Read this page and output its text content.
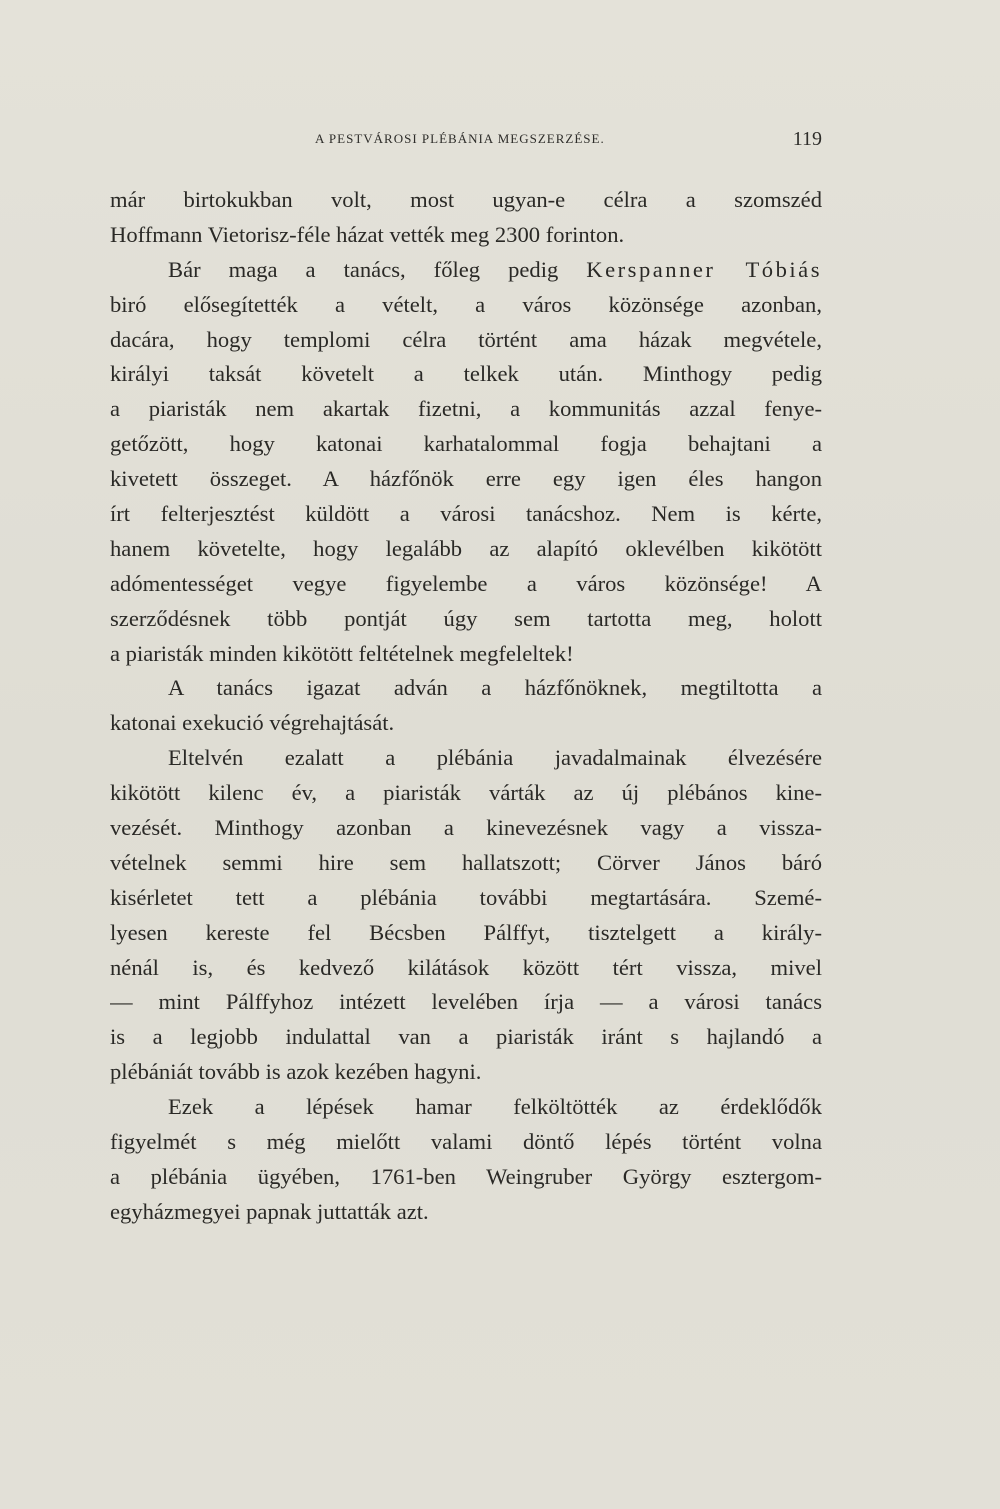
A PESTVÁROSI PLÉBÁNIA MEGSZERZÉSE.	119
már birtokukban volt, most ugyan-e célra a szomszéd
Hoffmann Vietorisz-féle házat vették meg 2300 forinton.
Bár maga a tanács, főleg pedig Kerspanner Tóbiás
biró elősegítették a vételt, a város közönsége azonban,
dacára, hogy templomi célra történt ama házak megvétele,
királyi taksát követelt a telkek után. Minthogy pedig
a piaristák nem akartak fizetni, a kommunitás azzal fenye-
getőzött, hogy katonai karhatalommal fogja behajtani a
kivetett összeget. A házfőnök erre egy igen éles hangon
írt felterjesztést küldött a városi tanácshoz. Nem is kérte,
hanem követelte, hogy legalább az alapító oklevélben kikötött
adómentességet vegye figyelembe a város közönsége! A
szerződésnek több pontját úgy sem tartotta meg, holott
a piaristák minden kikötött feltételnek megfeleltek!
A tanács igazat adván a házfőnöknek, megtiltotta a
katonai exekució végrehajtását.
Eltelvén ezalatt a plébánia javadalmainak élvezésére
kikötött kilenc év, a piaristák várták az új plébános kine-
vezését. Minthogy azonban a kinevezésnek vagy a vissza-
vételnek semmi hire sem hallatszott; Cörver János báró
kisérletet tett a plébánia további megtartására. Szemé-
lyesen kereste fel Bécsben Pálffyt, tisztelgett a király-
nénál is, és kedvező kilátások között tért vissza, mivel
— mint Pálffyhoz intézett levelében írja — a városi tanács
is a legjobb indulattal van a piaristák iránt s hajlandó a
plébániát tovább is azok kezében hagyni.
Ezek a lépések hamar felköltötték az érdeklődők
figyelmét s még mielőtt valami döntő lépés történt volna
a plébánia ügyében, 1761-ben Weingruber György esztergom-
egyházmegyei papnak juttatták azt.
